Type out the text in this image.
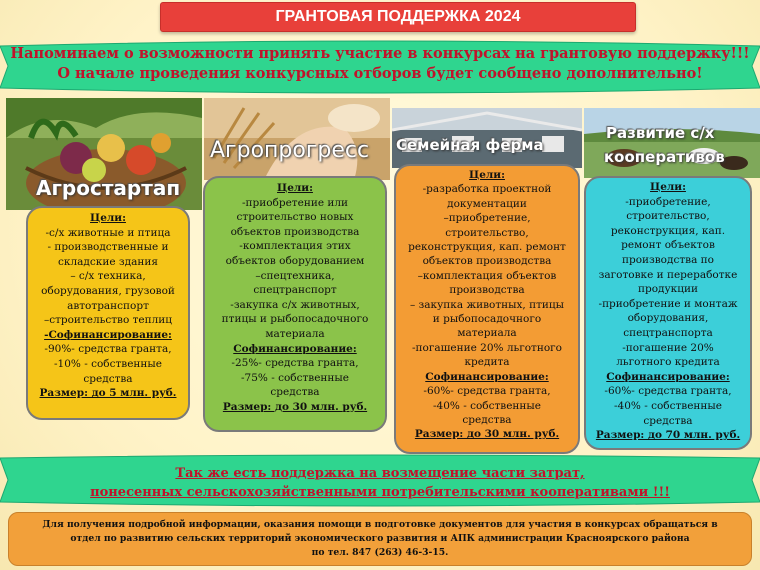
ГРАНТОВАЯ ПОДДЕРЖКА 2024
Напоминаем о возможности принять участие в конкурсах на грантовую поддержку!!!
О начале проведения конкурсных отборов будет сообщено дополнительно!
Агростартап
Агропрогресс Семейная ферма
Развитие с/х
кооперативов
Цели:
-с/х животные и птица
- производственные и
складские здания
– с/х техника,
оборудования, грузовой
автотранспорт
–строительство теплиц
-Софинансирование:
-90%- средства гранта,
-10% - собственные
средства
Размер: до 5 млн. руб.
Цели:
-приобретение или
строительство новых
объектов производства
-комплектация этих
объектов оборудованием
–спецтехника,
спецтранспорт
-закупка с/х животных,
птицы и рыбопосадочного
материала
Софинансирование:
-25%- средства гранта,
-75% - собственные
средства
Размер: до 30 млн. руб.
Цели:
-разработка проектной
документации
–приобретение,
строительство,
реконструкция, кап. ремонт
объектов производства
–комплектация объектов
производства
– закупка животных, птицы
и рыбопосадочного
материала
-погашение 20% льготного
кредита
Софинансирование:
-60%- средства гранта,
-40% - собственные
средства
Размер: до 30 млн. руб.
Цели:
-приобретение,
строительство,
реконструкция, кап.
ремонт объектов
производства по
заготовке и переработке
продукции
-приобретение и монтаж
оборудования,
спецтранспорта
-погашение 20%
льготного кредита
Софинансирование:
-60%- средства гранта,
-40% - собственные
средства
Размер: до 70 млн. руб.
Так же есть поддержка на возмещение части затрат,
понесенных сельскохозяйственными потребительскими кооперативами !!!
Для получения подробной информации, оказания помощи в подготовке документов для участия в конкурсах обращаться в
отдел по развитию сельских территорий экономического развития и АПК администрации Красноярского района
по тел. 847 (263) 46-3-15.
